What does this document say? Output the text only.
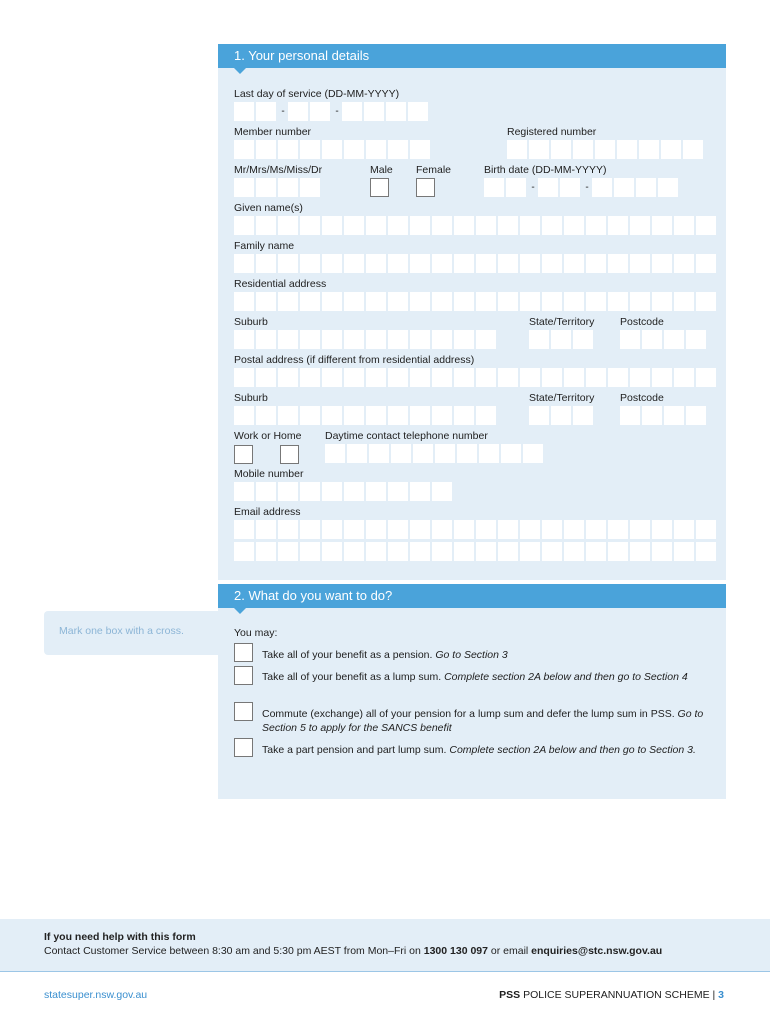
1. Your personal details
Last day of service (DD-MM-YYYY)
-	-
Member number	Registered number
Mr/Mrs/Ms/Miss/Dr	Male Female	Birth date (DD-MM-YYYY)
-	-
Given name(s)
Family name
Residential address
Suburb	State/Territory Postcode
Postal address (if different from residential address)
Suburb	State/Territory Postcode
Work or Home Daytime contact telephone number
Mobile number
Email address
2. What do you want to do?
Mark one box with a cross.	You may:
Take all of your benefit as a pension. Go to Section 3
Take all of your benefit as a lump sum. Complete section 2A below and then go to Section 4
Commute (exchange) all of your pension for a lump sum and defer the lump sum in PSS. Go to Section 5 to apply for the SANCS benefit
Take a part pension and part lump sum. Complete section 2A below and then go to Section 3.
If you need help with this form
Contact Customer Service between 8:30 am and 5:30 pm AEST from Mon–Fri on 1300 130 097 or email enquiries@stc.nsw.gov.au
statesuper.nsw.gov.au	PSS POLICE SUPERANNUATION SCHEME | 3
